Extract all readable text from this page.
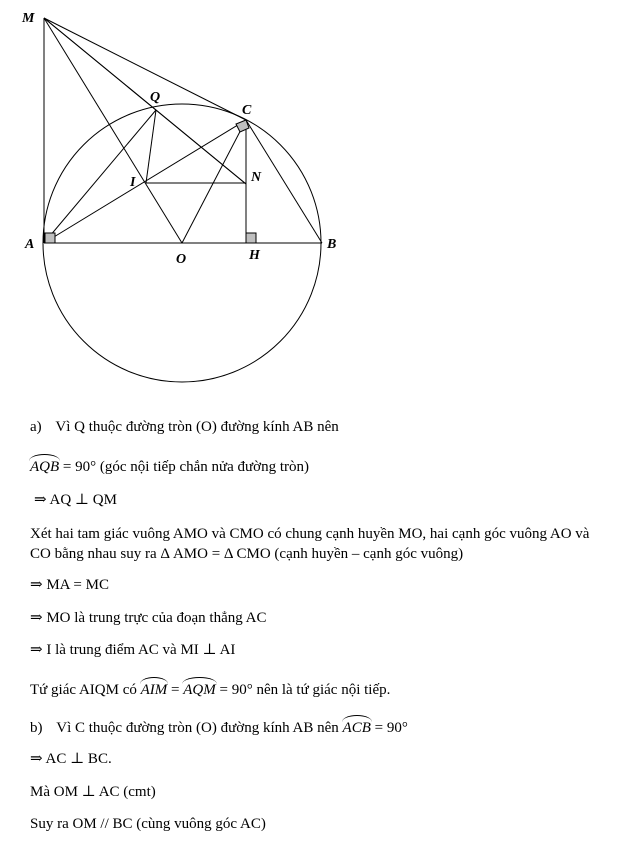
M
Q
C
I	N
A
O	H
B
a) Vì Q thuộc đường tròn (O) đường kính AB nên
AQB = 90° (góc nội tiếp chắn nửa đường tròn)
⇒ AQ ⊥ QM
Xét hai tam giác vuông AMO và CMO có chung cạnh huyền MO, hai cạnh góc vuông AO và
CO bằng nhau suy ra Δ AMO = Δ CMO (cạnh huyền – cạnh góc vuông)
⇒ MA = MC
⇒ MO là trung trực của đoạn thẳng AC
⇒ I là trung điểm AC và MI ⊥ AI
Tứ giác AIQM có AIM = AQM = 90° nên là tứ giác nội tiếp.
b) Vì C thuộc đường tròn (O) đường kính AB nên ACB = 90°
⇒ AC ⊥ BC.
Mà OM ⊥ AC (cmt)
Suy ra OM // BC (cùng vuông góc AC)
